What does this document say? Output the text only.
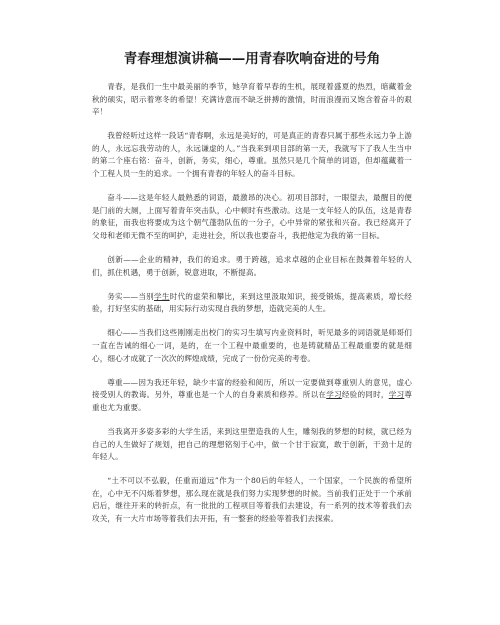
青春理想演讲稿——用青春吹响奋进的号角

青春，是我们一生中最美丽的季节，她孕育着早春的生机，展现着盛夏的热烈，暗藏着金秋的硕实，昭示着寒冬的希望！充满诗意而不缺乏拼搏的激情，时而浪漫而又饱含着奋斗的艰辛！

我曾经听过这样一段话“青春啊，永远是美好的，可是真正的青春只属于那些永远力争上游的人，永远忘我劳动的人，永远谦虚的人。”当我来到项目部的第一天，我就写下了我人生当中的第二个座右铭：奋斗，创新，务实，细心，尊重。虽然只是几个简单的词语，但却蕴藏着一个工程人员一生的追求。一个拥有青春的年轻人的奋斗目标。

奋斗——这是年轻人最熟悉的词语，最激昂的决心。初项目部时，一眼望去，最醒目的便是门前的大厕，上面写着青年突击队，心中顿时有些激动。这是一支年轻人的队伍，这是青春的象征，而我也将要成为这个朝气蓬勃队伍的一分子，心中异常的紧张和兴奋。我已经离开了父母和老师无微不至的呵护，走进社会，所以我也要奋斗，我把他定为我的第一目标。

创新——企业的精神，我们的追求。勇于跨越，追求卓越的企业目标在鼓舞着年轻的人们，抓住机遇，勇于创新，锐意进取，不断提高。

务实——当别学生时代的虚荣和攀比，来到这里汲取知识，接受锻炼，提高素质，增长经验，打好坚实的基础，用实际行动实现自我的梦想，造就完美的人生。

细心——当我们这些刚刚走出校门的实习生填写内业资料时，听见最多的词语就是师哥们一直在告诫的细心一词，是的，在一个工程中最重要的，也是铸就精品工程最重要的就是细心，细心才成就了一次次的辉煌成绩，完成了一份份完美的考卷。

尊重——因为我还年轻，缺少丰富的经验和阅历，所以一定要做到尊重别人的意见，虚心接受别人的教诲。另外，尊重也是一个人的自身素质和修养。所以在学习经验的同时，学习尊重也尤为重要。

当我离开多姿多彩的大学生活，来到这里塑造我的人生，雕刻我的梦想的时候，就已经为自己的人生做好了规划，把自己的理想铭刻于心中，做一个甘于寂寞，敢于创新，干劲十足的年轻人。

“土不可以不弘毅，任重而道远”作为一个80后的年轻人，一个国家，一个民族的希望所在，心中无不闪烁着梦想，那么现在就是我们努力实现梦想的时候。当前我们正处于一个承前启后，继往开来的转折点，有一批批的工程项目等着我们去建设，有一系列的技术等着我们去攻关，有一大片市场等着我们去开拓，有一整套的经验等着我们去探索。
